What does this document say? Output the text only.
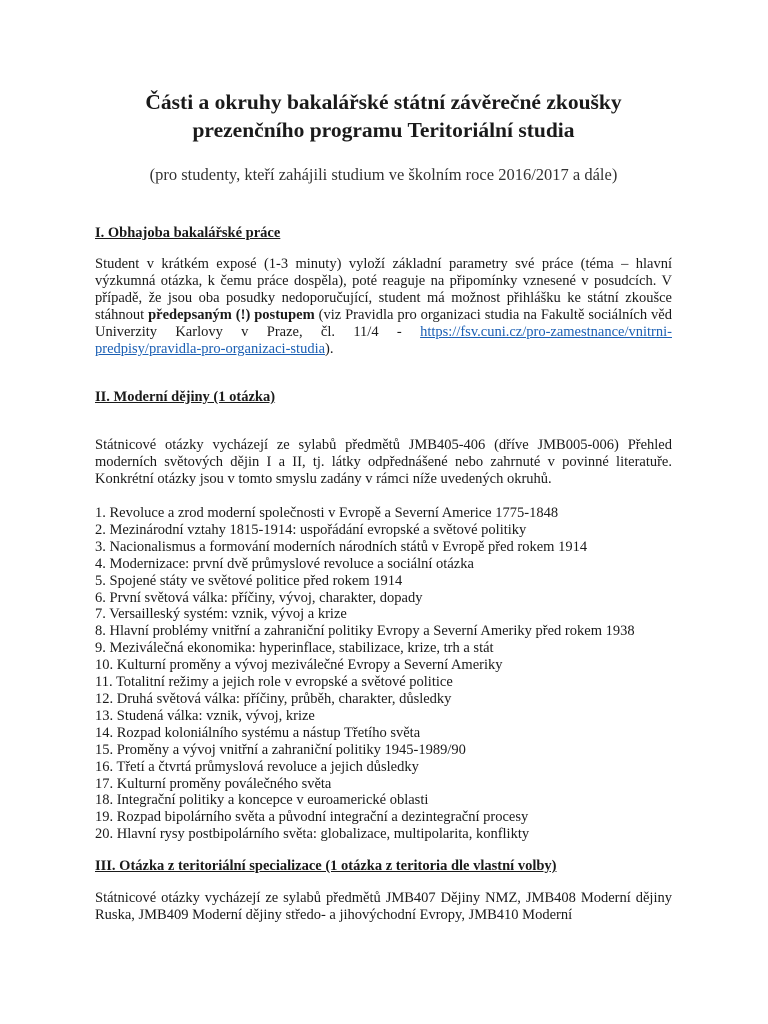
Části a okruhy bakalářské státní závěrečné zkoušky
prezenčního programu Teritoriální studia

(pro studenty, kteří zahájili studium ve školním roce 2016/2017 a dále)

I. Obhajoba bakalářské práce

Student v krátkém exposé (1-3 minuty) vyloží základní parametry své práce (téma – hlavní výzkumná otázka, k čemu práce dospěla), poté reaguje na připomínky vznesené v posudcích. V případě, že jsou oba posudky nedoporučující, student má možnost přihlášku ke státní zkoušce stáhnout předepsaným (!) postupem (viz Pravidla pro organizaci studia na Fakultě sociálních věd Univerzity Karlovy v Praze, čl. 11/4 - https://fsv.cuni.cz/pro-zamestnance/vnitrni-predpisy/pravidla-pro-organizaci-studia).

II. Moderní dějiny (1 otázka)

Státnicové otázky vycházejí ze sylabů předmětů JMB405-406 (dříve JMB005-006) Přehled moderních světových dějin I a II, tj. látky odpřednášené nebo zahrnuté v povinné literatuře. Konkrétní otázky jsou v tomto smyslu zadány v rámci níže uvedených okruhů.

1. Revoluce a zrod moderní společnosti v Evropě a Severní Americe 1775-1848
2. Mezinárodní vztahy 1815-1914: uspořádání evropské a světové politiky
3. Nacionalismus a formování moderních národních států v Evropě před rokem 1914
4. Modernizace: první dvě průmyslové revoluce a sociální otázka
5. Spojené státy ve světové politice před rokem 1914
6. První světová válka: příčiny, vývoj, charakter, dopady
7. Versailleský systém: vznik, vývoj a krize
8. Hlavní problémy vnitřní a zahraniční politiky Evropy a Severní Ameriky před rokem 1938
9. Meziválečná ekonomika: hyperinflace, stabilizace, krize, trh a stát
10. Kulturní proměny a vývoj meziválečné Evropy a Severní Ameriky
11. Totalitní režimy a jejich role v evropské a světové politice
12. Druhá světová válka: příčiny, průběh, charakter, důsledky
13. Studená válka: vznik, vývoj, krize
14. Rozpad koloniálního systému a nástup Třetího světa
15. Proměny a vývoj vnitřní a zahraniční politiky 1945-1989/90
16. Třetí a čtvrtá průmyslová revoluce a jejich důsledky
17. Kulturní proměny poválečného světa
18. Integrační politiky a koncepce v euroamerické oblasti
19. Rozpad bipolárního světa a původní integrační a dezintegrační procesy
20. Hlavní rysy postbipolárního světa: globalizace, multipolarita, konflikty
III. Otázka z teritoriální specializace (1 otázka z teritoria dle vlastní volby)

Státnicové otázky vycházejí ze sylabů předmětů JMB407 Dějiny NMZ, JMB408 Moderní dějiny Ruska, JMB409 Moderní dějiny středo- a jihovýchodní Evropy, JMB410 Moderní
